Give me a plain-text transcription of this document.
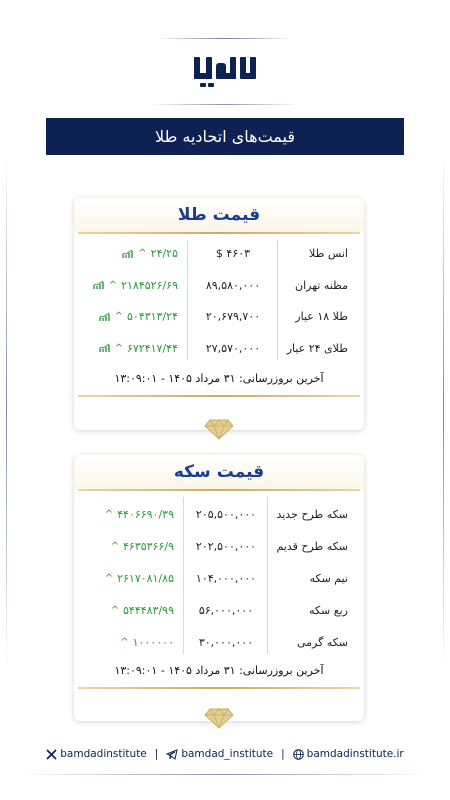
قیمت‌های اتحادیه طلا
قیمت طلا
انس طلا
۴۶۰۳ $
۲۴/۲۵
^
مظنه تهران
۸۹,۵۸۰,۰۰۰
۲۱۸۴۵۲۶/۶۹
^
طلا ۱۸ عیار
۲۰,۶۷۹,۷۰۰
۵۰۴۳۱۳/۲۴
^
طلای ۲۴ عیار
۲۷,۵۷۰,۰۰۰
۶۷۲۴۱۷/۴۴
^
آخرین بروزرسانی: ۳۱ مرداد ۱۴۰۵ - ۱۳:۰۹:۰۱
قیمت سکه
سکه طرح جدید
۲۰۵,۵۰۰,۰۰۰
۴۴۰۶۶۹۰/۳۹
^
سکه طرح قدیم
۲۰۲,۵۰۰,۰۰۰
۴۶۳۵۳۶۶/۹
^
نیم سکه
۱۰۴,۰۰۰,۰۰۰
۲۶۱۷۰۸۱/۸۵
^
ربع سکه
۵۶,۰۰۰,۰۰۰
۵۴۴۴۸۳/۹۹
^
سکه گرمی
۳۰,۰۰۰,۰۰۰
۱۰۰۰۰۰۰
^
آخرین بروزرسانی: ۳۱ مرداد ۱۴۰۵ - ۱۳:۰۹:۰۱
bamdadinstitute | bamdad_institute | bamdadinstitute.ir
